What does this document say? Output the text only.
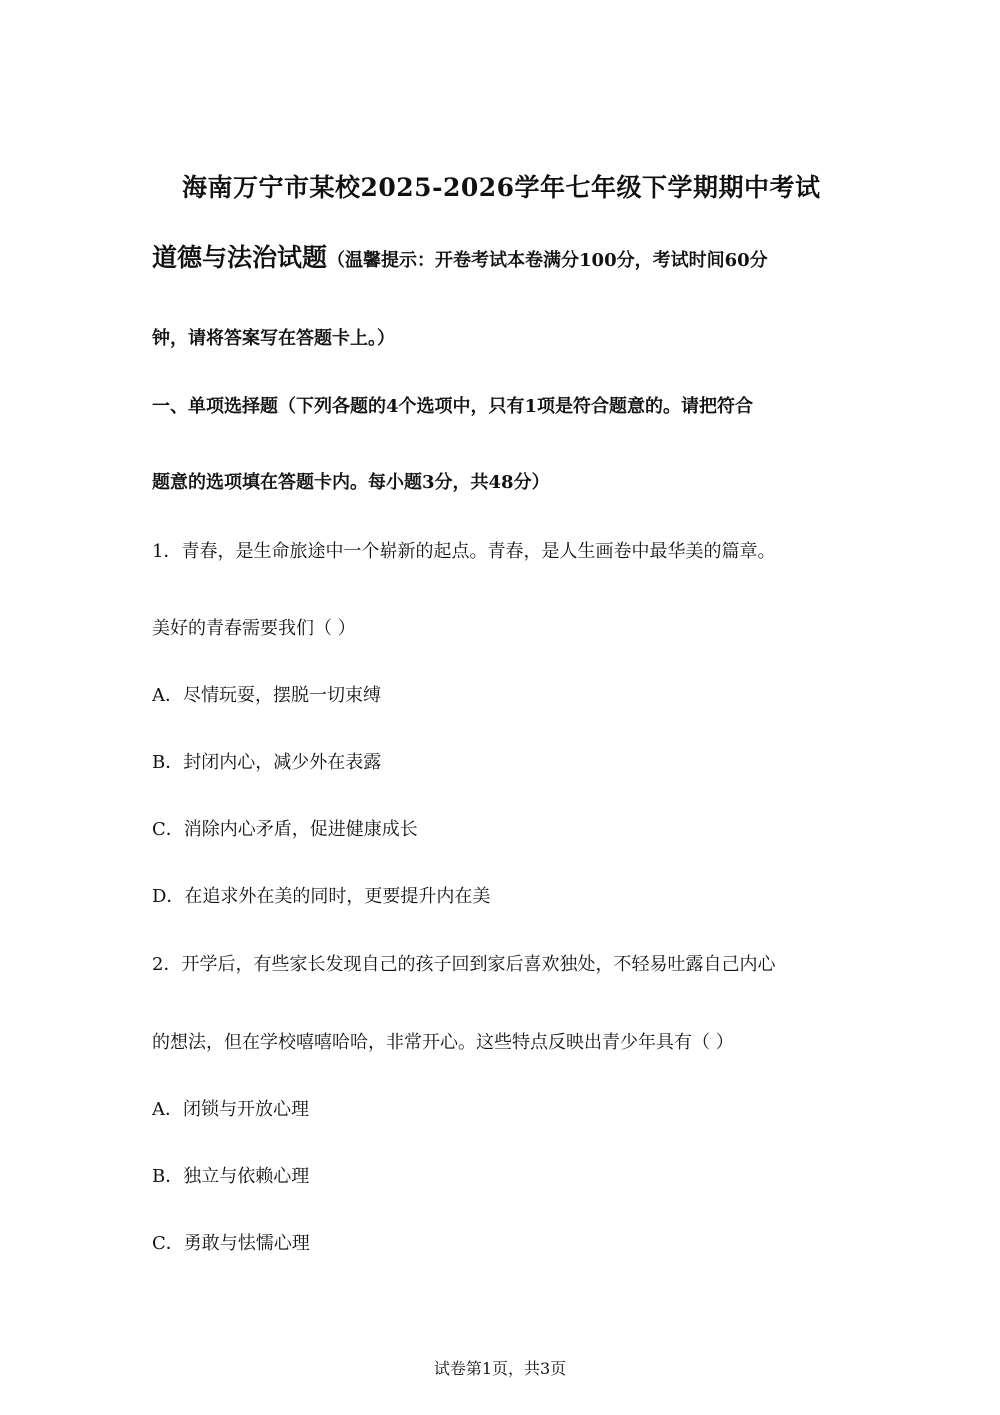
海南万宁市某校2025-2026学年七年级下学期期中考试
道德与法治试题（温馨提示：开卷考试本卷满分100分，考试时间60分
钟，请将答案写在答题卡上。）
一、单项选择题（下列各题的4个选项中，只有1项是符合题意的。请把符合
题意的选项填在答题卡内。每小题3分，共48分）
1．青春，是生命旅途中一个崭新的起点。青春，是人生画卷中最华美的篇章。
美好的青春需要我们（ ）
A．尽情玩耍，摆脱一切束缚
B．封闭内心，减少外在表露
C．消除内心矛盾，促进健康成长
D．在追求外在美的同时，更要提升内在美
2．开学后，有些家长发现自己的孩子回到家后喜欢独处，不轻易吐露自己内心
的想法，但在学校嘻嘻哈哈，非常开心。这些特点反映出青少年具有（ ）
A．闭锁与开放心理
B．独立与依赖心理
C．勇敢与怯懦心理
试卷第1页，共3页
